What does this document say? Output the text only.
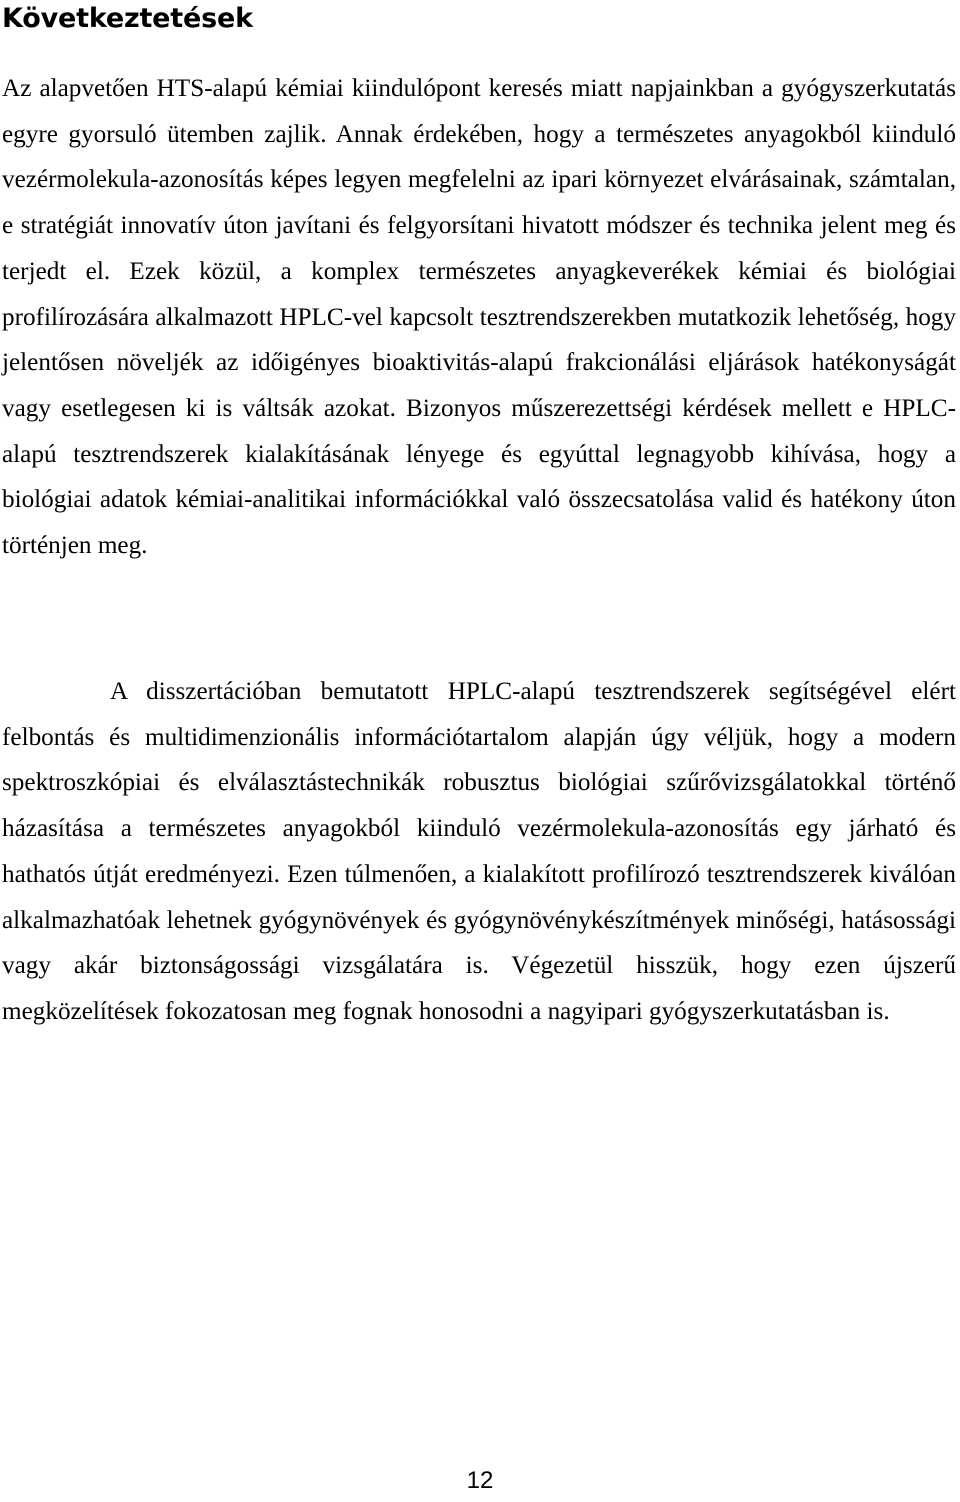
Következtetések

Az alapvetően HTS-alapú kémiai kiindulópont keresés miatt napjainkban a gyógyszerkutatás egyre gyorsuló ütemben zajlik. Annak érdekében, hogy a természetes anyagokból kiinduló vezérmolekula-azonosítás képes legyen megfelelni az ipari környezet elvárásainak, számtalan, e stratégiát innovatív úton javítani és felgyorsítani hivatott módszer és technika jelent meg és terjedt el. Ezek közül, a komplex természetes anyagkeverékek kémiai és biológiai profilírozására alkalmazott HPLC-vel kapcsolt tesztrendszerekben mutatkozik lehetőség, hogy jelentősen növeljék az időigényes bioaktivitás-alapú frakcionálási eljárások hatékonyságát vagy esetlegesen ki is váltsák azokat. Bizonyos műszerezettségi kérdések mellett e HPLC-alapú tesztrendszerek kialakításának lényege és egyúttal legnagyobb kihívása, hogy a biológiai adatok kémiai-analitikai információkkal való összecsatolása valid és hatékony úton történjen meg.

A disszertációban bemutatott HPLC-alapú tesztrendszerek segítségével elért felbontás és multidimenzionális információtartalom alapján úgy véljük, hogy a modern spektroszkópiai és elválasztástechnikák robusztus biológiai szűrővizsgálatokkal történő házasítása a természetes anyagokból kiinduló vezérmolekula-azonosítás egy járható és hathatós útját eredményezi. Ezen túlmenően, a kialakított profilírozó tesztrendszerek kiválóan alkalmazhatóak lehetnek gyógynövények és gyógynövénykészítmények minőségi, hatásossági vagy akár biztonságossági vizsgálatára is. Végezetül hisszük, hogy ezen újszerű megközelítések fokozatosan meg fognak honosodni a nagyipari gyógyszerkutatásban is.

12
